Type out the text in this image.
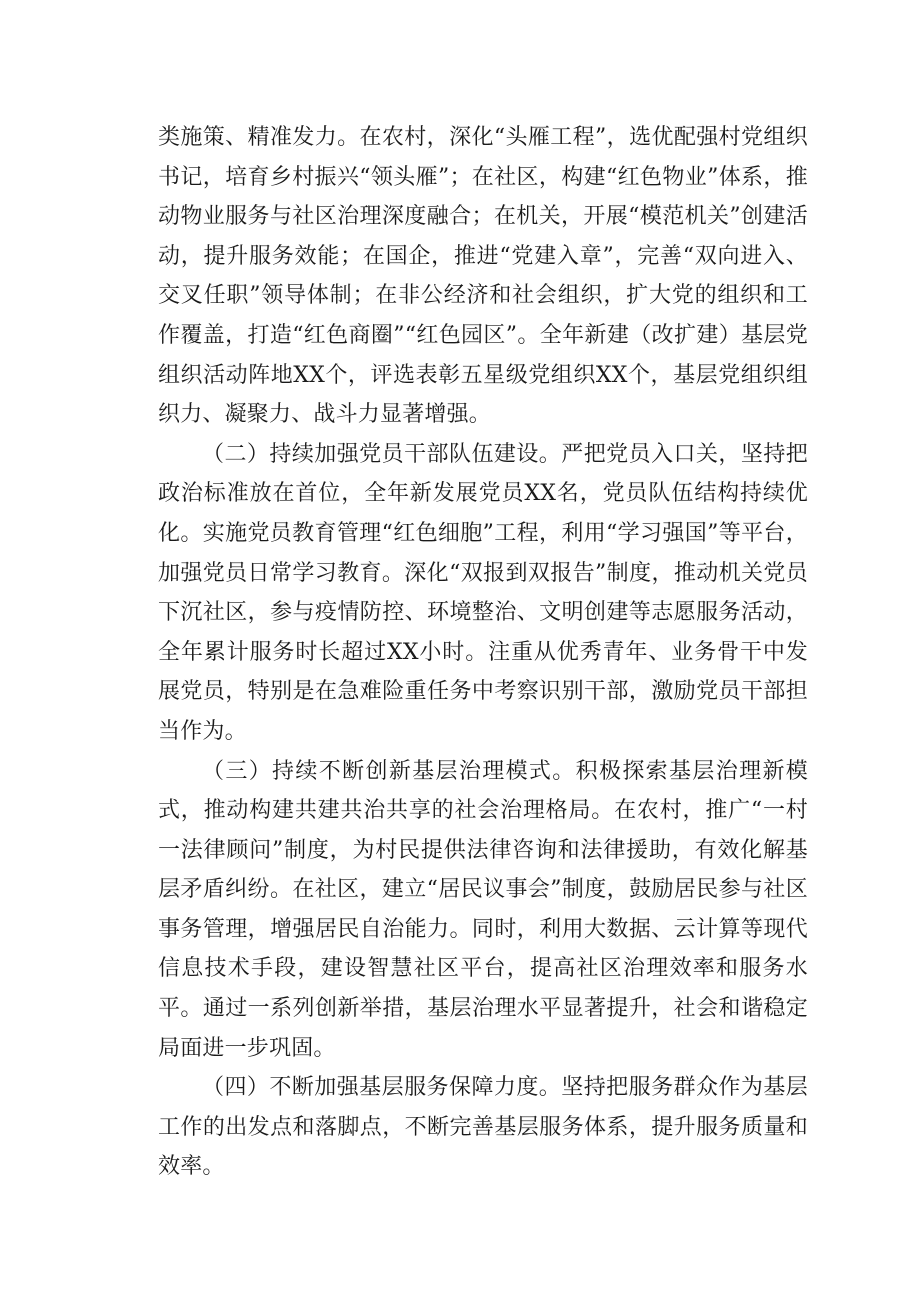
类施策、精准发力。在农村，深化“头雁工程”，选优配强村党组织书记，培育乡村振兴“领头雁”；在社区，构建“红色物业”体系，推动物业服务与社区治理深度融合；在机关，开展“模范机关”创建活动，提升服务效能；在国企，推进“党建入章”，完善“双向进入、交叉任职”领导体制；在非公经济和社会组织，扩大党的组织和工作覆盖，打造“红色商圈”“红色园区”。全年新建（改扩建）基层党组织活动阵地XX个，评选表彰五星级党组织XX个，基层党组织组织力、凝聚力、战斗力显著增强。

（二）持续加强党员干部队伍建设。严把党员入口关，坚持把政治标准放在首位，全年新发展党员XX名，党员队伍结构持续优化。实施党员教育管理“红色细胞”工程，利用“学习强国”等平台，加强党员日常学习教育。深化“双报到双报告”制度，推动机关党员下沉社区，参与疫情防控、环境整治、文明创建等志愿服务活动，全年累计服务时长超过XX小时。注重从优秀青年、业务骨干中发展党员，特别是在急难险重任务中考察识别干部，激励党员干部担当作为。

（三）持续不断创新基层治理模式。积极探索基层治理新模式，推动构建共建共治共享的社会治理格局。在农村，推广“一村一法律顾问”制度，为村民提供法律咨询和法律援助，有效化解基层矛盾纠纷。在社区，建立“居民议事会”制度，鼓励居民参与社区事务管理，增强居民自治能力。同时，利用大数据、云计算等现代信息技术手段，建设智慧社区平台，提高社区治理效率和服务水平。通过一系列创新举措，基层治理水平显著提升，社会和谐稳定局面进一步巩固。

（四）不断加强基层服务保障力度。坚持把服务群众作为基层工作的出发点和落脚点，不断完善基层服务体系，提升服务质量和效率。
